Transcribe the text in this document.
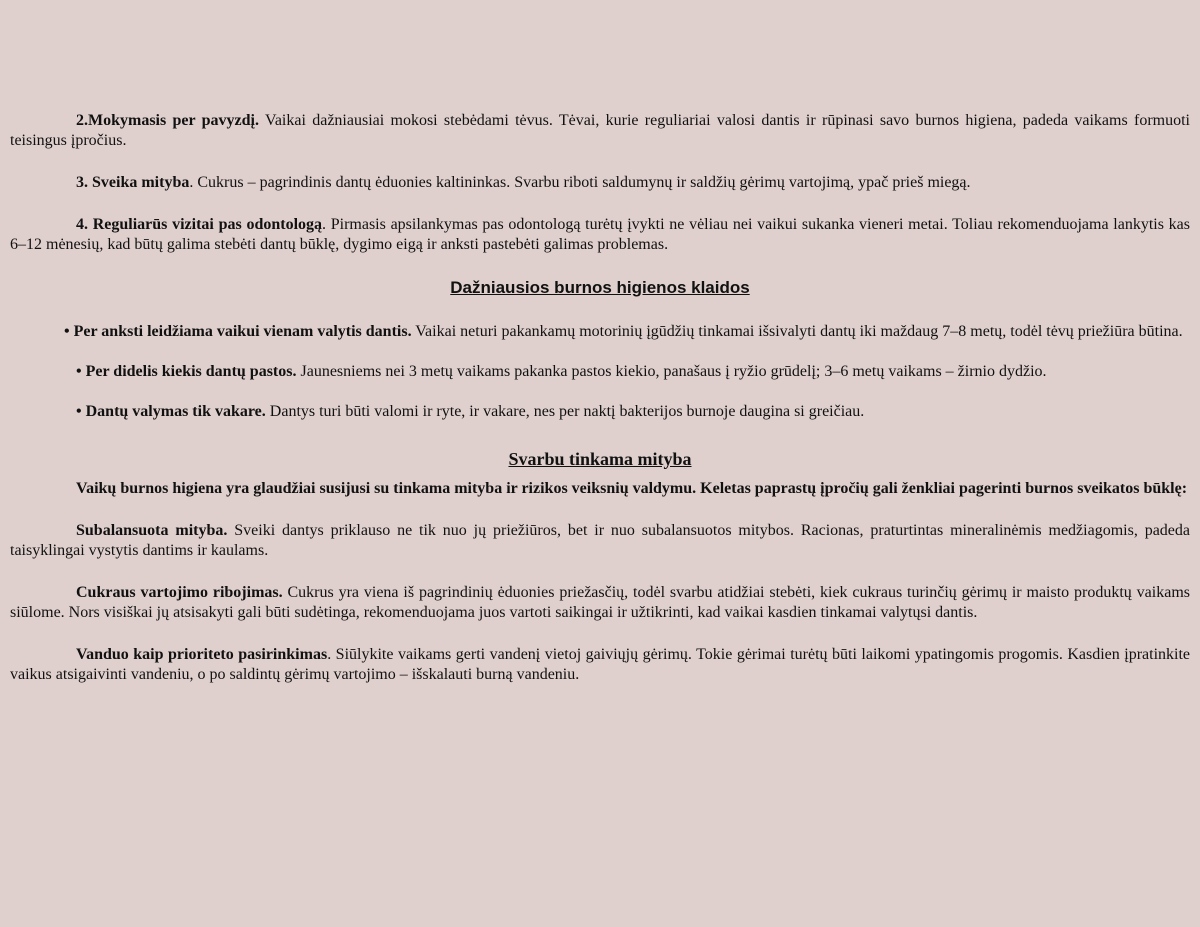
2.Mokymasis per pavyzdį. Vaikai dažniausiai mokosi stebėdami tėvus. Tėvai, kurie reguliariai valosi dantis ir rūpinasi savo burnos higiena, padeda vaikams formuoti teisingus įpročius.

3. Sveika mityba. Cukrus – pagrindinis dantų ėduonies kaltininkas. Svarbu riboti saldumynų ir saldžių gėrimų vartojimą, ypač prieš miegą.

4. Reguliarūs vizitai pas odontologą. Pirmasis apsilankymas pas odontologą turėtų įvykti ne vėliau nei vaikui sukanka vieneri metai. Toliau rekomenduojama lankytis kas 6–12 mėnesių, kad būtų galima stebėti dantų būklę, dygimo eigą ir anksti pastebėti galimas problemas.

Dažniausios burnos higienos klaidos
• Per anksti leidžiama vaikui vienam valytis dantis. Vaikai neturi pakankamų motorinių įgūdžių tinkamai išsivalyti dantų iki maždaug 7–8 metų, todėl tėvų priežiūra būtina.
• Per didelis kiekis dantų pastos. Jaunesniems nei 3 metų vaikams pakanka pastos kiekio, panašaus į ryžio grūdelį; 3–6 metų vaikams – žirnio dydžio.
• Dantų valymas tik vakare. Dantys turi būti valomi ir ryte, ir vakare, nes per naktį bakterijos burnoje daugina si greičiau.
Svarbu tinkama mityba

Vaikų burnos higiena yra glaudžiai susijusi su tinkama mityba ir rizikos veiksnių valdymu. Keletas paprastų įpročių gali ženkliai pagerinti burnos sveikatos būklę:

Subalansuota mityba. Sveiki dantys priklauso ne tik nuo jų priežiūros, bet ir nuo subalansuotos mitybos. Racionas, praturtintas mineralinėmis medžiagomis, padeda taisyklingai vystytis dantims ir kaulams.

Cukraus vartojimo ribojimas. Cukrus yra viena iš pagrindinių ėduonies priežasčių, todėl svarbu atidžiai stebėti, kiek cukraus turinčių gėrimų ir maisto produktų vaikams siūlome. Nors visiškai jų atsisakyti gali būti sudėtinga, rekomenduojama juos vartoti saikingai ir užtikrinti, kad vaikai kasdien tinkamai valytųsi dantis.

Vanduo kaip prioriteto pasirinkimas. Siūlykite vaikams gerti vandenį vietoj gaiviųjų gėrimų. Tokie gėrimai turėtų būti laikomi ypatingomis progomis. Kasdien įpratinkite vaikus atsigaivinti vandeniu, o po saldintų gėrimų vartojimo – išskalauti burną vandeniu.
